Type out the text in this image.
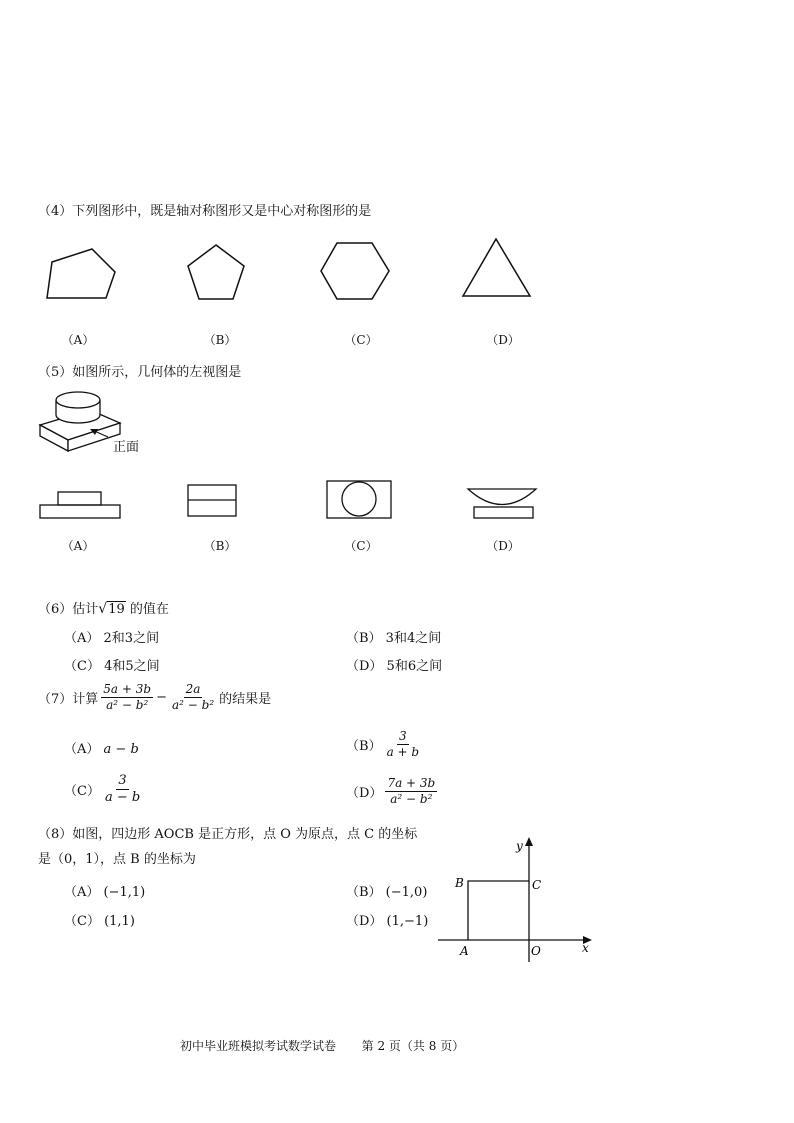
（4）下列图形中，既是轴对称图形又是中心对称图形的是
（A）	（B）	（C）	（D）
（5）如图所示，几何体的左视图是
正面
（A）	（B）	（C）	（D）
（6）估计√19 的值在
（A） 2和3之间	（B） 3和4之间
（C） 4和5之间	（D） 5和6之间
（7）计算 $\frac{5a + 3b}{\text{a² − b²}} - \frac{2a}{\text{a² − b²}}$ 的结果是
（A） a − b	$(B) \frac{3}{a + b}$
$(C) \frac{3}{a - b}$	$(D) \frac{7a + 3b}{\text{a² − b²}}$
（8）如图，四边形 AOCB 是正方形，点 O 为原点，点 C 的坐标
是（0，1），点 B 的坐标为
（A） (−1,1)	（B） (−1,0)
（C） (1,1)	（D） (1,−1)
x
y
O
A
B	C
初中毕业班模拟考试数学试卷 第 2 页（共 8 页）
